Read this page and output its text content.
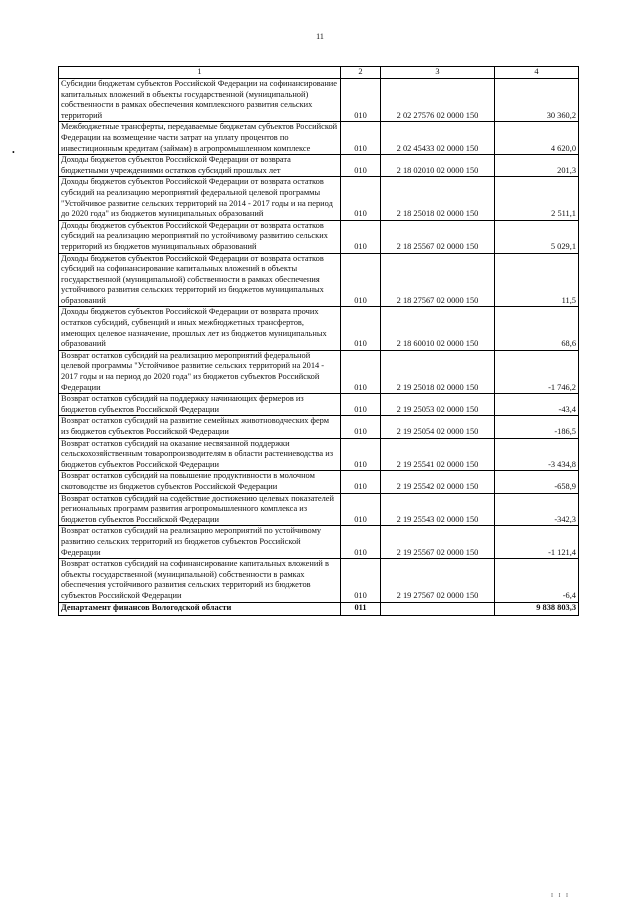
11
•
1	2	3	4
Субсидии бюджетам субъектов Российской Федерации на софинансирование капитальных вложений в объекты государственной (муниципальной) собственности в рамках обеспечения комплексного развития сельских территорий	010	2 02 27576 02 0000 150	30 360,2
Межбюджетные трансферты, передаваемые бюджетам субъектов Российской Федерации на возмещение части затрат на уплату процентов по инвестиционным кредитам (займам) в агропромышленном комплексе	010	2 02 45433 02 0000 150	4 620,0
Доходы бюджетов субъектов Российской Федерации от возврата бюджетными учреждениями остатков субсидий прошлых лет	010	2 18 02010 02 0000 150	201,3
Доходы бюджетов субъектов Российской Федерации от возврата остатков субсидий на реализацию мероприятий федеральной целевой программы "Устойчивое развитие сельских территорий на 2014 - 2017 годы и на период до 2020 года" из бюджетов муниципальных образований	010	2 18 25018 02 0000 150	2 511,1
Доходы бюджетов субъектов Российской Федерации от возврата остатков субсидий на реализацию мероприятий по устойчивому развитию сельских территорий из бюджетов муниципальных образований	010	2 18 25567 02 0000 150	5 029,1
Доходы бюджетов субъектов Российской Федерации от возврата остатков субсидий на софинансирование капитальных вложений в объекты государственной (муниципальной) собственности в рамках обеспечения устойчивого развития сельских территорий из бюджетов муниципальных образований	010	2 18 27567 02 0000 150	11,5
Доходы бюджетов субъектов Российской Федерации от возврата прочих остатков субсидий, субвенций и иных межбюджетных трансфертов, имеющих целевое назначение, прошлых лет из бюджетов муниципальных образований	010	2 18 60010 02 0000 150	68,6
Возврат остатков субсидий на реализацию мероприятий федеральной целевой программы "Устойчивое развитие сельских территорий на 2014 - 2017 годы и на период до 2020 года" из бюджетов субъектов Российской Федерации	010	2 19 25018 02 0000 150	-1 746,2
Возврат остатков субсидий на поддержку начинающих фермеров из бюджетов субъектов Российской Федерации	010	2 19 25053 02 0000 150	-43,4
Возврат остатков субсидий на развитие семейных животноводческих ферм из бюджетов субъектов Российской Федерации	010	2 19 25054 02 0000 150	-186,5
Возврат остатков субсидий на оказание несвязанной поддержки сельскохозяйственным товаропроизводителям в области растениеводства из бюджетов субъектов Российской Федерации	010	2 19 25541 02 0000 150	-3 434,8
Возврат остатков субсидий на повышение продуктивности в молочном скотоводстве из бюджетов субъектов Российской Федерации	010	2 19 25542 02 0000 150	-658,9
Возврат остатков субсидий на содействие достижению целевых показателей региональных программ развития агропромышленного комплекса из бюджетов субъектов Российской Федерации	010	2 19 25543 02 0000 150	-342,3
Возврат остатков субсидий на реализацию мероприятий по устойчивому развитию сельских территорий из бюджетов субъектов Российской Федерации	010	2 19 25567 02 0000 150	-1 121,4
Возврат остатков субсидий на софинансирование капитальных вложений в объекты государственной (муниципальной) собственности в рамках обеспечения устойчивого развития сельских территорий из бюджетов субъектов Российской Федерации	010	2 19 27567 02 0000 150	-6,4
Департамент финансов Вологодской области	011		9 838 803,3
I I I
